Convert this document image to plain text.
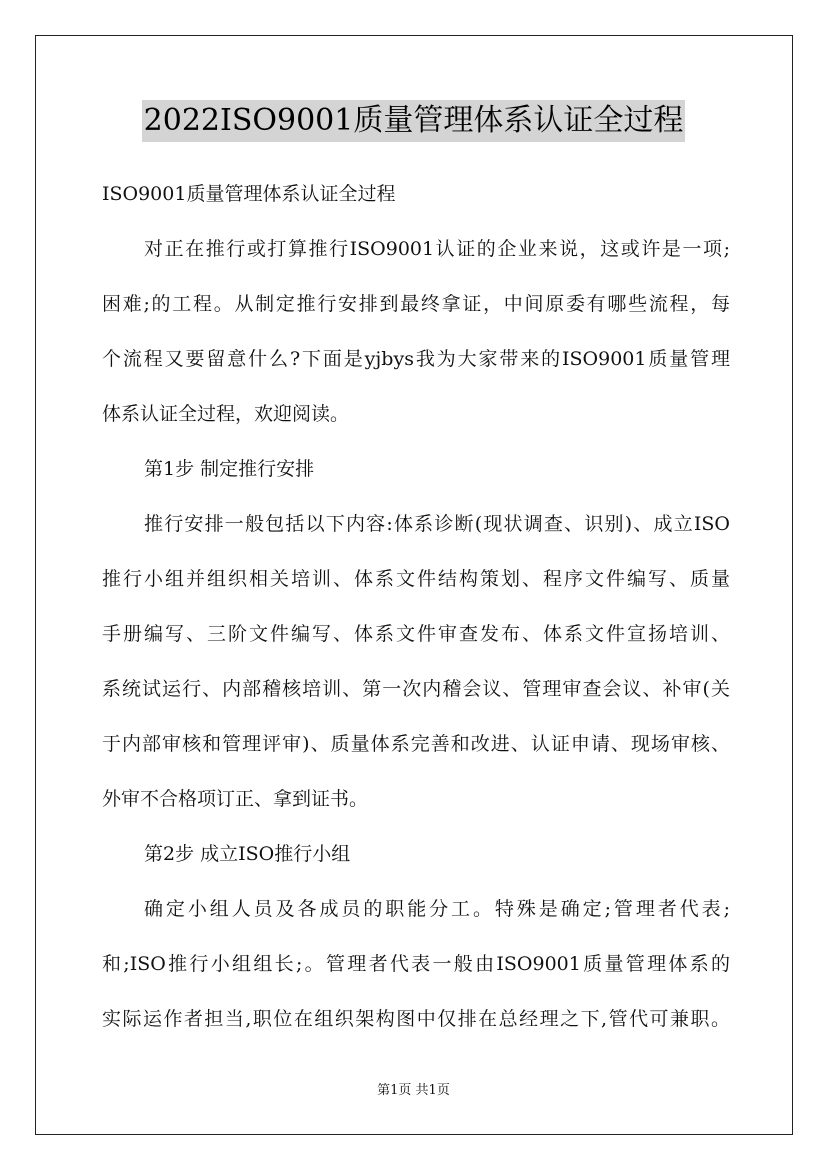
2022ISO9001质量管理体系认证全过程
ISO9001质量管理体系认证全过程
对正在推行或打算推行ISO9001认证的企业来说，这或许是一项;
困难;的工程。从制定推行安排到最终拿证，中间原委有哪些流程，每
个流程又要留意什么?下面是yjbys我为大家带来的ISO9001质量管理
体系认证全过程，欢迎阅读。
第1步 制定推行安排
推行安排一般包括以下内容:体系诊断(现状调查、识别)、成立ISO
推行小组并组织相关培训、体系文件结构策划、程序文件编写、质量
手册编写、三阶文件编写、体系文件审查发布、体系文件宣扬培训、
系统试运行、内部稽核培训、第一次内稽会议、管理审查会议、补审(关
于内部审核和管理评审)、质量体系完善和改进、认证申请、现场审核、
外审不合格项订正、拿到证书。
第2步 成立ISO推行小组
确定小组人员及各成员的职能分工。特殊是确定;管理者代表;
和;ISO推行小组组长;。管理者代表一般由ISO9001质量管理体系的
实际运作者担当,职位在组织架构图中仅排在总经理之下,管代可兼职。
第1页 共1页
